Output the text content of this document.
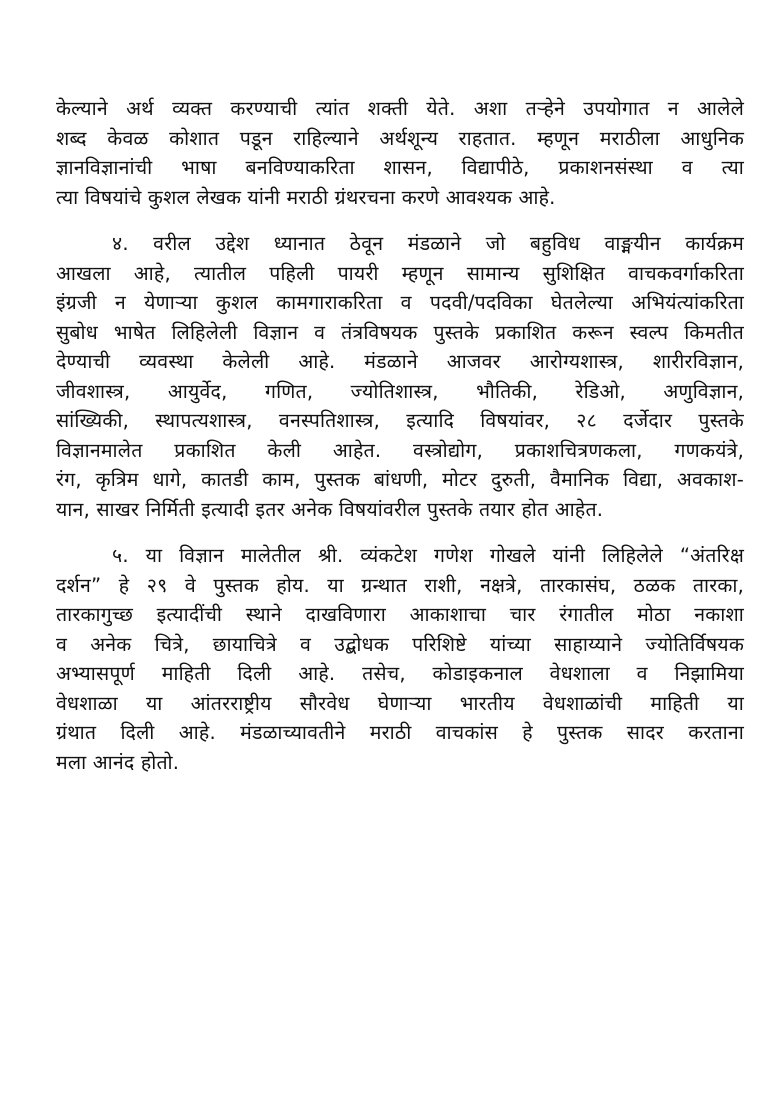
केल्याने अर्थ व्यक्त करण्याची त्यांत शक्ती येते. अशा तऱ्हेने उपयोगात न आलेले
शब्द केवळ कोशात पडून राहिल्याने अर्थशून्य राहतात. म्हणून मराठीला आधुनिक
ज्ञानविज्ञानांची भाषा बनविण्याकरिता शासन, विद्यापीठे, प्रकाशनसंस्था व त्या
त्या विषयांचे कुशल लेखक यांनी मराठी ग्रंथरचना करणे आवश्यक आहे.

४. वरील उद्देश ध्यानात ठेवून मंडळाने जो बहुविध वाङ्मयीन कार्यक्रम
आखला आहे, त्यातील पहिली पायरी म्हणून सामान्य सुशिक्षित वाचकवर्गाकरिता
इंग्रजी न येणाऱ्या कुशल कामगाराकरिता व पदवी/पदविका घेतलेल्या अभियंत्यांकरिता
सुबोध भाषेत लिहिलेली विज्ञान व तंत्रविषयक पुस्तके प्रकाशित करून स्वल्प किमतीत
देण्याची व्यवस्था केलेली आहे. मंडळाने आजवर आरोग्यशास्त्र, शारीरविज्ञान,
जीवशास्त्र, आयुर्वेद, गणित, ज्योतिशास्त्र, भौतिकी, रेडिओ, अणुविज्ञान,
सांख्यिकी, स्थापत्यशास्त्र, वनस्पतिशास्त्र, इत्यादि विषयांवर, २८ दर्जेदार पुस्तके
विज्ञानमालेत प्रकाशित केली आहेत. वस्त्रोद्योग, प्रकाशचित्रणकला, गणकयंत्रे,
रंग, कृत्रिम धागे, कातडी काम, पुस्तक बांधणी, मोटर दुरुती, वैमानिक विद्या, अवकाश-
यान, साखर निर्मिती इत्यादी इतर अनेक विषयांवरील पुस्तके तयार होत आहेत.

५. या विज्ञान मालेतील श्री. व्यंकटेश गणेश गोखले यांनी लिहिलेले “अंतरिक्ष
दर्शन” हे २९ वे पुस्तक होय. या ग्रन्थात राशी, नक्षत्रे, तारकासंघ, ठळक तारका,
तारकागुच्छ इत्यादींची स्थाने दाखविणारा आकाशाचा चार रंगातील मोठा नकाशा
व अनेक चित्रे, छायाचित्रे व उद्बोधक परिशिष्टे यांच्या साहाय्याने ज्योतिर्विषयक
अभ्यासपूर्ण माहिती दिली आहे. तसेच, कोडाइकनाल वेधशाला व निझामिया
वेधशाळा या आंतरराष्ट्रीय सौरवेध घेणाऱ्या भारतीय वेधशाळांची माहिती या
ग्रंथात दिली आहे. मंडळाच्यावतीने मराठी वाचकांस हे पुस्तक सादर करताना
मला आनंद होतो.
